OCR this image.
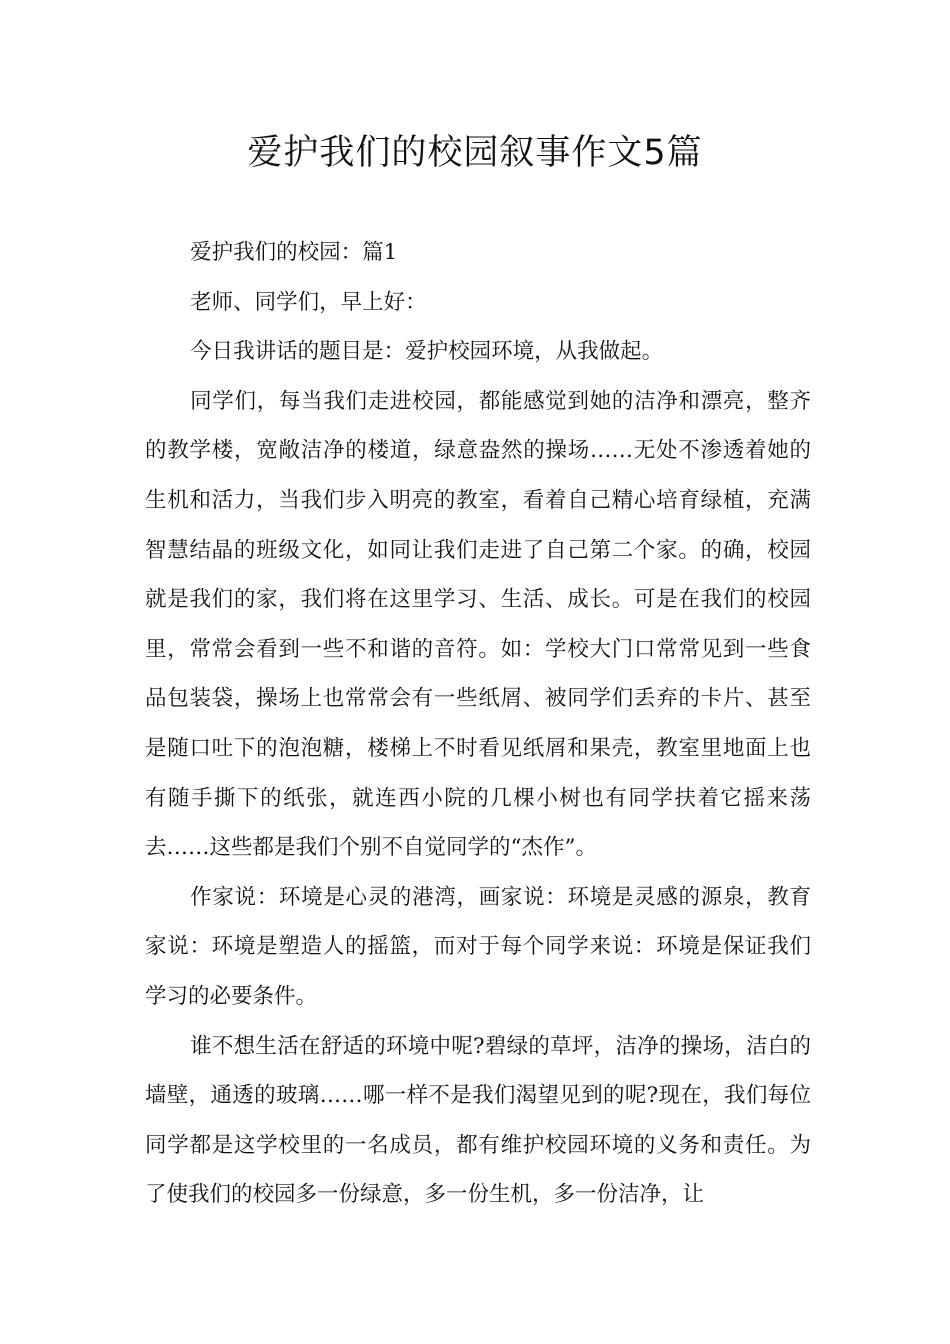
爱护我们的校园叙事作文5篇

爱护我们的校园：篇1

老师、同学们，早上好：

今日我讲话的题目是：爱护校园环境，从我做起。

同学们，每当我们走进校园，都能感觉到她的洁净和漂亮，整齐的教学楼，宽敞洁净的楼道，绿意盎然的操场……无处不渗透着她的生机和活力，当我们步入明亮的教室，看着自己精心培育绿植，充满智慧结晶的班级文化，如同让我们走进了自己第二个家。的确，校园就是我们的家，我们将在这里学习、生活、成长。可是在我们的校园里，常常会看到一些不和谐的音符。如：学校大门口常常见到一些食品包装袋，操场上也常常会有一些纸屑、被同学们丢弃的卡片、甚至是随口吐下的泡泡糖，楼梯上不时看见纸屑和果壳，教室里地面上也有随手撕下的纸张，就连西小院的几棵小树也有同学扶着它摇来荡去……这些都是我们个别不自觉同学的“杰作”。

作家说：环境是心灵的港湾，画家说：环境是灵感的源泉，教育家说：环境是塑造人的摇篮，而对于每个同学来说：环境是保证我们学习的必要条件。

谁不想生活在舒适的环境中呢?碧绿的草坪，洁净的操场，洁白的墙壁，通透的玻璃……哪一样不是我们渴望见到的呢?现在，我们每位同学都是这学校里的一名成员，都有维护校园环境的义务和责任。为了使我们的校园多一份绿意，多一份生机，多一份洁净，让
